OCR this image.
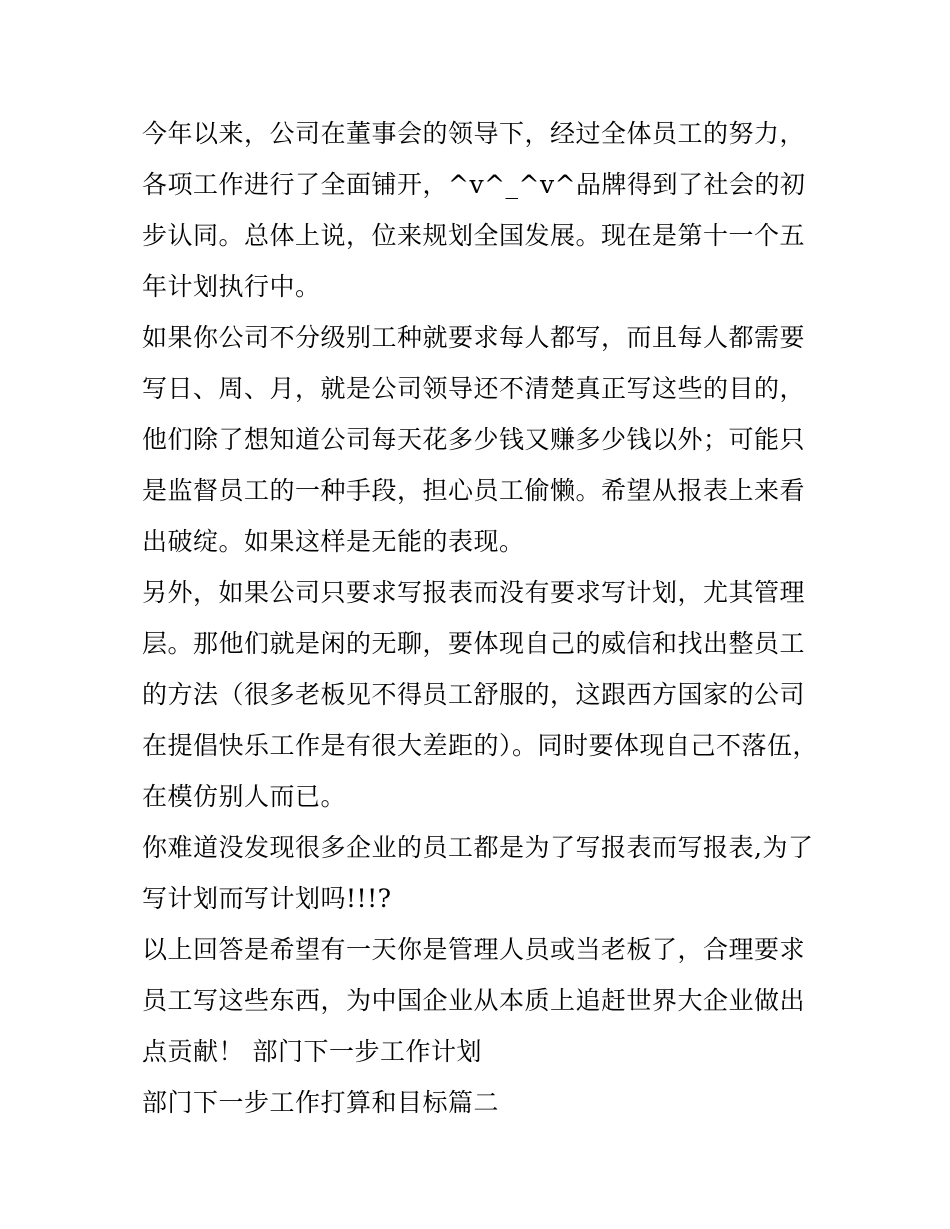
今年以来，公司在董事会的领导下，经过全体员工的努力，各项工作进行了全面铺开，^v^_^v^品牌得到了社会的初步认同。总体上说，位来规划全国发展。现在是第十一个五年计划执行中。

如果你公司不分级别工种就要求每人都写，而且每人都需要写日、周、月，就是公司领导还不清楚真正写这些的目的，他们除了想知道公司每天花多少钱又赚多少钱以外；可能只是监督员工的一种手段，担心员工偷懒。希望从报表上来看出破绽。如果这样是无能的表现。

另外，如果公司只要求写报表而没有要求写计划，尤其管理层。那他们就是闲的无聊，要体现自己的威信和找出整员工的方法（很多老板见不得员工舒服的，这跟西方国家的公司在提倡快乐工作是有很大差距的）。同时要体现自己不落伍，在模仿别人而已。

你难道没发现很多企业的员工都是为了写报表而写报表,为了写计划而写计划吗!!!?

以上回答是希望有一天你是管理人员或当老板了，合理要求员工写这些东西，为中国企业从本质上追赶世界大企业做出点贡献！ 部门下一步工作计划

部门下一步工作打算和目标篇二
